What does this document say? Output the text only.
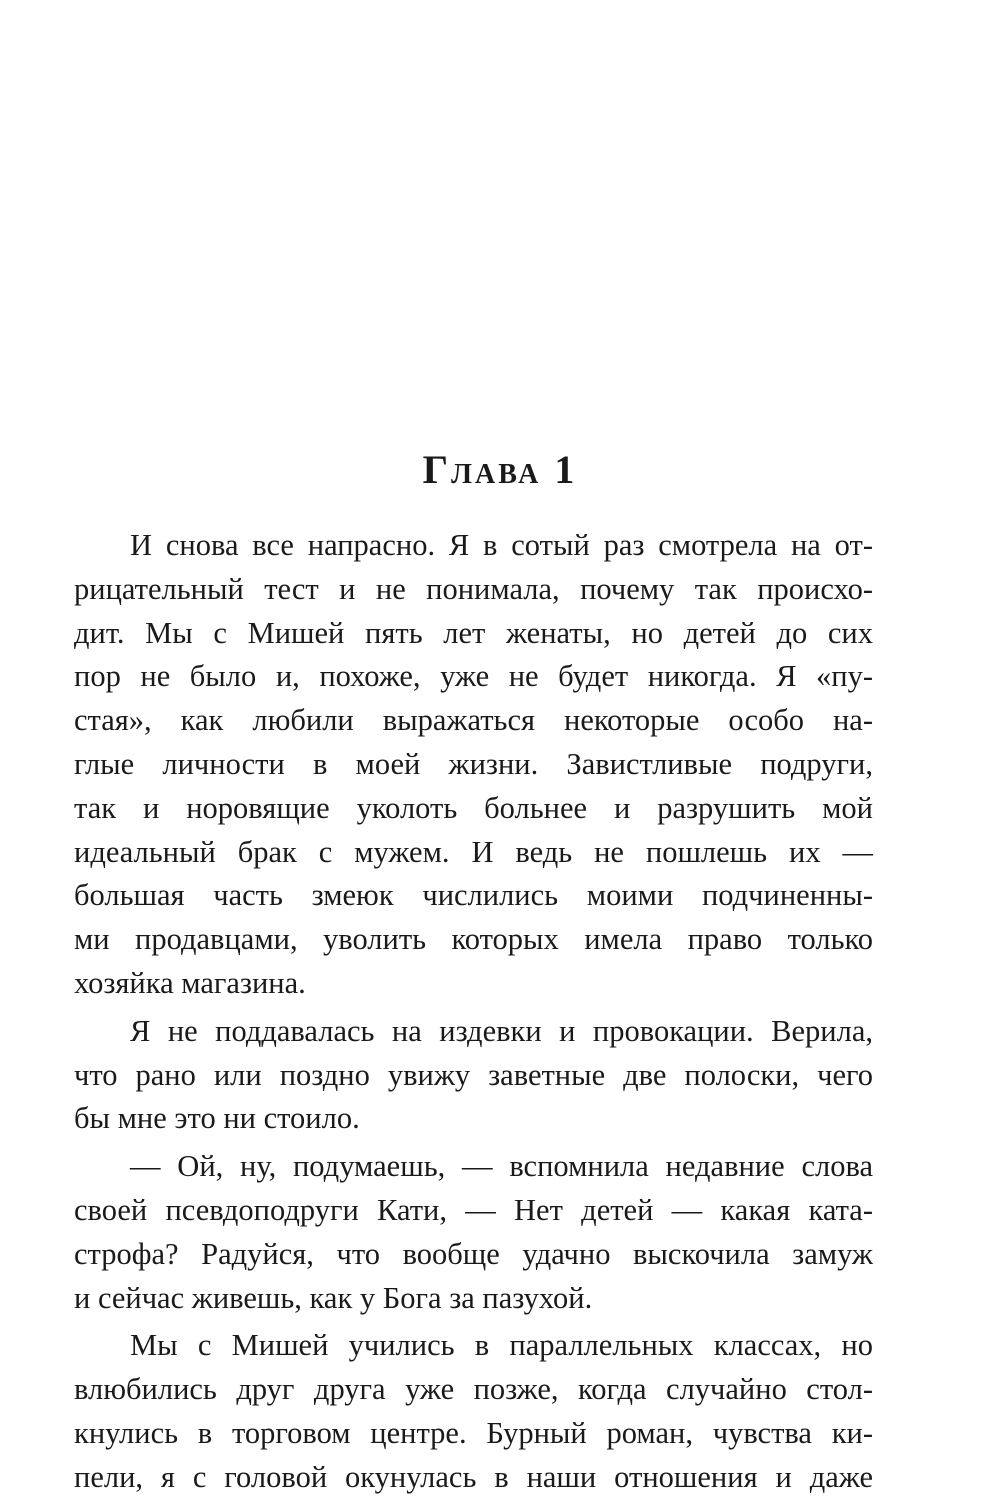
Глава 1
И снова все напрасно. Я в сотый раз смотрела на от-
рицательный тест и не понимала, почему так происхо-
дит. Мы с Мишей пять лет женаты, но детей до сих
пор не было и, похоже, уже не будет никогда. Я «пу-
стая», как любили выражаться некоторые особо на-
глые личности в моей жизни. Завистливые подруги,
так и норовящие уколоть больнее и разрушить мой
идеальный брак с мужем. И ведь не пошлешь их —
большая часть змеюк числились моими подчиненны-
ми продавцами, уволить которых имела право только
хозяйка магазина.
Я не поддавалась на издевки и провокации. Верила,
что рано или поздно увижу заветные две полоски, чего
бы мне это ни стоило.
— Ой, ну, подумаешь, — вспомнила недавние слова
своей псевдоподруги Кати, — Нет детей — какая ката-
строфа? Радуйся, что вообще удачно выскочила замуж
и сейчас живешь, как у Бога за пазухой.
Мы с Мишей учились в параллельных классах, но
влюбились друг друга уже позже, когда случайно стол-
кнулись в торговом центре. Бурный роман, чувства ки-
пели, я с головой окунулась в наши отношения и даже
